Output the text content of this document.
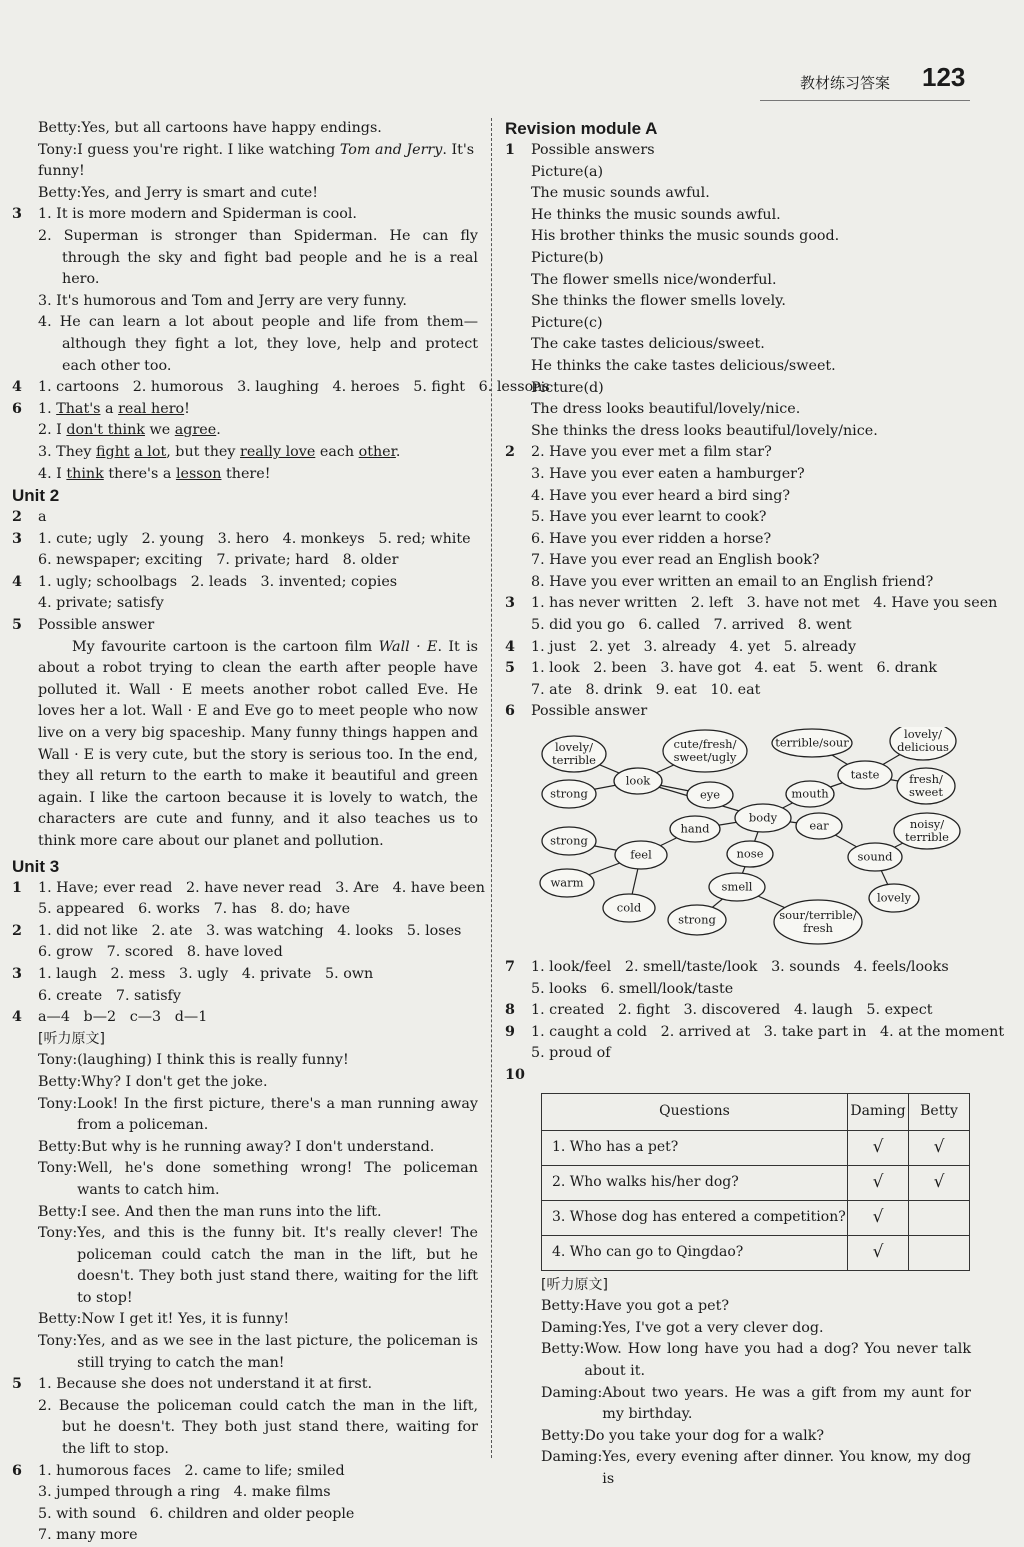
教材练习答案 123
Betty:Yes, but all cartoons have happy endings.
Tony:I guess you're right. I like watching Tom and Jerry. It's funny!
Betty:Yes, and Jerry is smart and cute!
3	1. It is more modern and Spiderman is cool.
2. Superman is stronger than Spiderman. He can fly through the sky and fight bad people and he is a real hero.
3. It's humorous and Tom and Jerry are very funny.
4. He can learn a lot about people and life from them—although they fight a lot, they love, help and protect each other too.
4	1. cartoons   2. humorous   3. laughing   4. heroes   5. fight   6. lessons
6	1. That's a real hero!
2. I don't think we agree.
3. They fight a lot, but they really love each other.
4. I think there's a lesson there!
Unit 2
2	a
3	1. cute; ugly   2. young   3. hero   4. monkeys   5. red; white
6. newspaper; exciting   7. private; hard   8. older
4	1. ugly; schoolbags   2. leads   3. invented; copies
4. private; satisfy
5	Possible answer
My favourite cartoon is the cartoon film Wall · E. It is about a robot trying to clean the earth after people have polluted it. Wall · E meets another robot called Eve. He loves her a lot. Wall · E and Eve go to meet people who now live on a very big spaceship. Many funny things happen and Wall · E is very cute, but the story is serious too. In the end, they all return to the earth to make it beautiful and green again. I like the cartoon because it is lovely to watch, the characters are cute and funny, and it also teaches us to think more care about our planet and pollution.
Unit 3
1	1. Have; ever read   2. have never read   3. Are   4. have been
5. appeared   6. works   7. has   8. do; have
2	1. did not like   2. ate   3. was watching   4. looks   5. loses
6. grow   7. scored   8. have loved
3	1. laugh   2. mess   3. ugly   4. private   5. own
6. create   7. satisfy
4	a—4   b—2   c—3   d—1
[听力原文]
Tony: (laughing) I think this is really funny!
Betty: Why? I don't get the joke.
Tony: Look! In the first picture, there's a man running away from a policeman.
Betty: But why is he running away? I don't understand.
Tony: Well, he's done something wrong! The policeman wants to catch him.
Betty: I see. And then the man runs into the lift.
Tony: Yes, and this is the funny bit. It's really clever! The policeman could catch the man in the lift, but he doesn't. They both just stand there, waiting for the lift to stop!
Betty: Now I get it! Yes, it is funny!
Tony: Yes, and as we see in the last picture, the policeman is still trying to catch the man!
5	1. Because she does not understand it at first.
2. Because the policeman could catch the man in the lift, but he doesn't. They both just stand there, waiting for the lift to stop.
6	1. humorous faces   2. came to life; smiled
3. jumped through a ring   4. make films
5. with sound   6. children and older people
7. many more
Revision module A
1	Possible answers
Picture(a)
The music sounds awful.
He thinks the music sounds awful.
His brother thinks the music sounds good.
Picture(b)
The flower smells nice/wonderful.
She thinks the flower smells lovely.
Picture(c)
The cake tastes delicious/sweet.
He thinks the cake tastes delicious/sweet.
Picture(d)
The dress looks beautiful/lovely/nice.
She thinks the dress looks beautiful/lovely/nice.
2	2. Have you ever met a film star?
3. Have you ever eaten a hamburger?
4. Have you ever heard a bird sing?
5. Have you ever learnt to cook?
6. Have you ever ridden a horse?
7. Have you ever read an English book?
8. Have you ever written an email to an English friend?
3	1. has never written   2. left   3. have not met   4. Have you seen
5. did you go   6. called   7. arrived   8. went
4	1. just   2. yet   3. already   4. yet   5. already
5	1. look   2. been   3. have got   4. eat   5. went   6. drank
7. ate   8. drink   9. eat   10. eat
6	Possible answer
lovely/
terrible
strong
look
cute/fresh/
sweet/ugly
eye
terrible/sour
lovely/
delicious
taste
mouth
fresh/
sweet
hand
body
ear	noisy/
terrible
strong
feel	nose	sound
warm	smell
lovely
cold
strong	sour/terrible/
fresh
7	1. look/feel   2. smell/taste/look   3. sounds   4. feels/looks
5. looks   6. smell/look/taste
8	1. created   2. fight   3. discovered   4. laugh   5. expect
9	1. caught a cold   2. arrived at   3. take part in   4. at the moment
5. proud of
10
Questions	Daming	Betty
1. Who has a pet?	√	√
2. Who walks his/her dog?	√	√
3. Whose dog has entered a competition?	√	
4. Who can go to Qingdao?	√	
[听力原文]
Betty: Have you got a pet?
Daming: Yes, I've got a very clever dog.
Betty: Wow. How long have you had a dog? You never talk about it.
Daming: About two years. He was a gift from my aunt for my birthday.
Betty: Do you take your dog for a walk?
Daming: Yes, every evening after dinner. You know, my dog is
